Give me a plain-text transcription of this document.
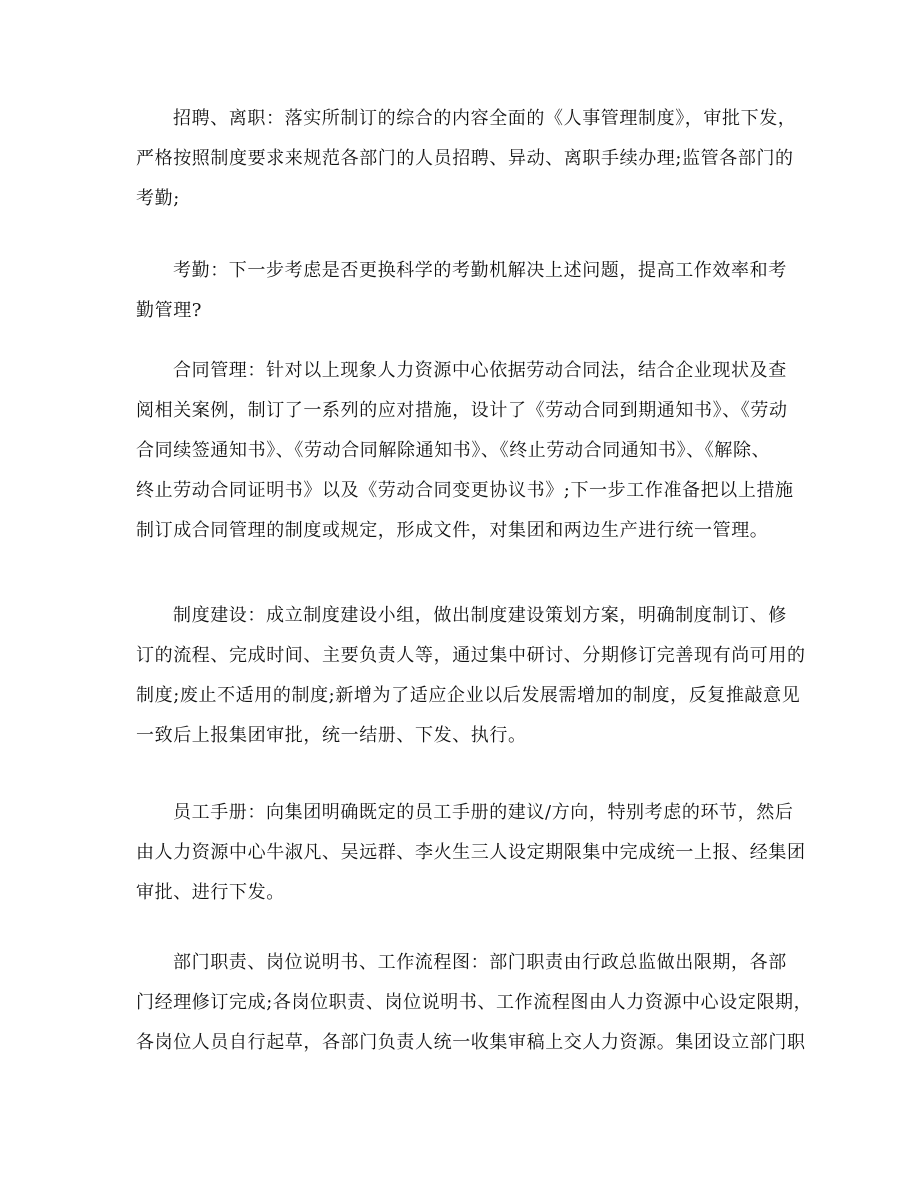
招聘、离职：落实所制订的综合的内容全面的《人事管理制度》，审批下发，
严格按照制度要求来规范各部门的人员招聘、异动、离职手续办理;监管各部门的
考勤;
考勤：下一步考虑是否更换科学的考勤机解决上述问题，提高工作效率和考
勤管理?
合同管理：针对以上现象人力资源中心依据劳动合同法，结合企业现状及查
阅相关案例，制订了一系列的应对措施，设计了《劳动合同到期通知书》、《劳动
合同续签通知书》、《劳动合同解除通知书》、《终止劳动合同通知书》、《解除、
终止劳动合同证明书》以及《劳动合同变更协议书》;下一步工作准备把以上措施
制订成合同管理的制度或规定，形成文件，对集团和两边生产进行统一管理。
制度建设：成立制度建设小组，做出制度建设策划方案，明确制度制订、修
订的流程、完成时间、主要负责人等，通过集中研讨、分期修订完善现有尚可用的
制度;废止不适用的制度;新增为了适应企业以后发展需增加的制度，反复推敲意见
一致后上报集团审批，统一结册、下发、执行。
员工手册：向集团明确既定的员工手册的建议/方向，特别考虑的环节，然后
由人力资源中心牛淑凡、吴远群、李火生三人设定期限集中完成统一上报、经集团
审批、进行下发。
部门职责、岗位说明书、工作流程图：部门职责由行政总监做出限期，各部
门经理修订完成;各岗位职责、岗位说明书、工作流程图由人力资源中心设定限期，
各岗位人员自行起草，各部门负责人统一收集审稿上交人力资源。集团设立部门职
